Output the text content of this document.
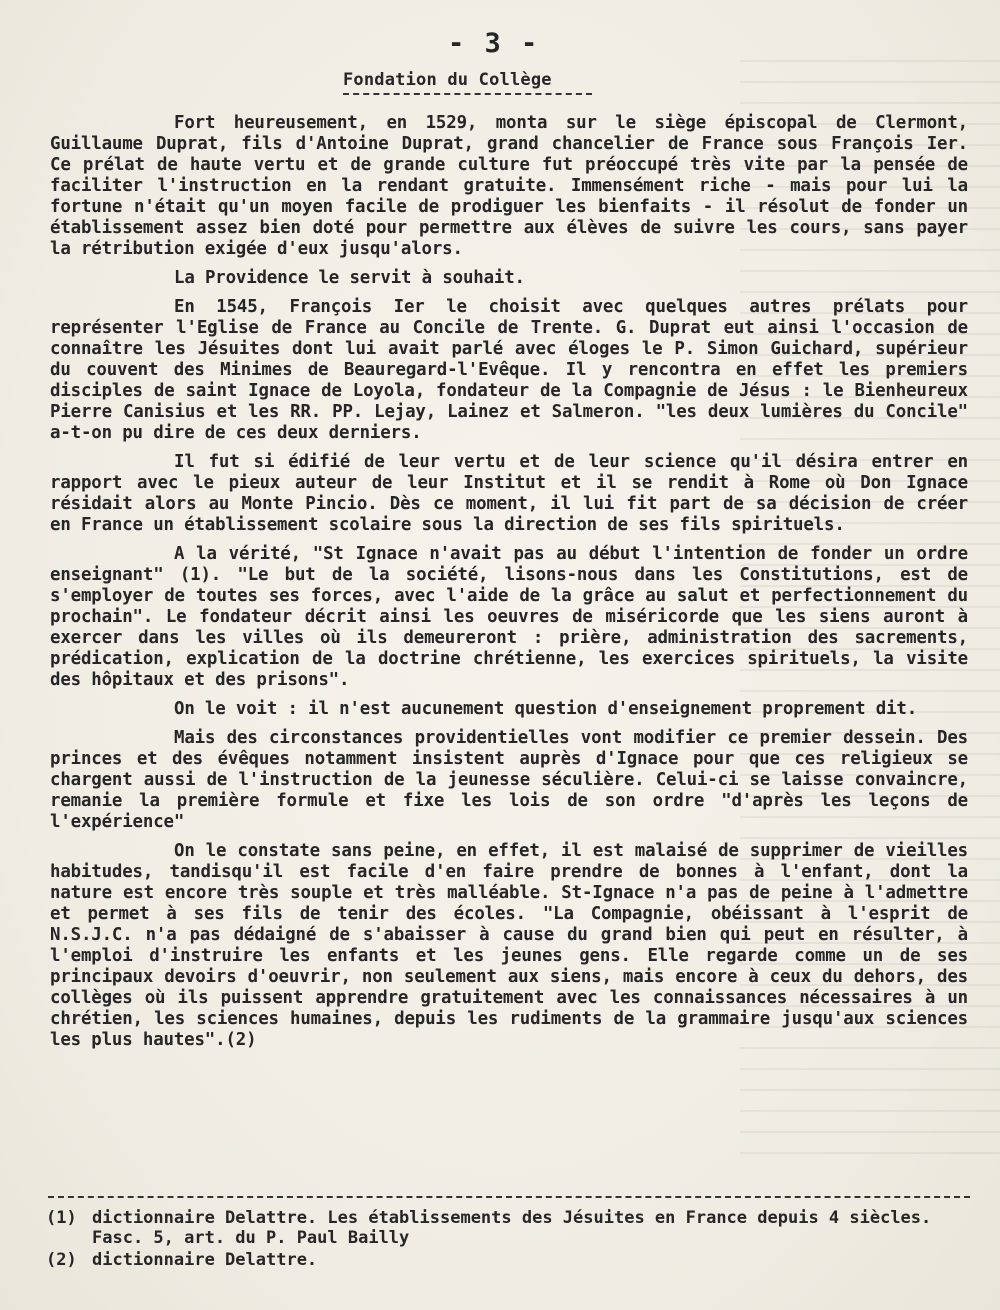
- 3 -
Fondation du Collège

Fort heureusement, en 1529, monta sur le siège épiscopal de Clermont, Guillaume Duprat, fils d'Antoine Duprat, grand chancelier de France sous François Ier. Ce prélat de haute vertu et de grande culture fut préoccupé très vite par la pensée de faciliter l'instruction en la rendant gratuite. Immensément riche - mais pour lui la fortune n'était qu'un moyen facile de prodiguer les bienfaits - il résolut de fonder un établissement assez bien doté pour permettre aux élèves de suivre les cours, sans payer la rétribution exigée d'eux jusqu'alors.

La Providence le servit à souhait.

En 1545, François Ier le choisit avec quelques autres prélats pour représenter l'Eglise de France au Concile de Trente. G. Duprat eut ainsi l'occasion de connaître les Jésuites dont lui avait parlé avec éloges le P. Simon Guichard, supérieur du couvent des Minimes de Beauregard-l'Evêque. Il y rencontra en effet les premiers disciples de saint Ignace de Loyola, fondateur de la Compagnie de Jésus : le Bienheureux Pierre Canisius et les RR. PP. Lejay, Lainez et Salmeron. "les deux lumières du Concile" a-t-on pu dire de ces deux derniers.

Il fut si édifié de leur vertu et de leur science qu'il désira entrer en rapport avec le pieux auteur de leur Institut et il se rendit à Rome où Don Ignace résidait alors au Monte Pincio. Dès ce moment, il lui fit part de sa décision de créer en France un établissement scolaire sous la direction de ses fils spirituels.

A la vérité, "St Ignace n'avait pas au début l'intention de fonder un ordre enseignant" (1). "Le but de la société, lisons-nous dans les Constitutions, est de s'employer de toutes ses forces, avec l'aide de la grâce au salut et perfectionnement du prochain". Le fondateur décrit ainsi les oeuvres de miséricorde que les siens auront à exercer dans les villes où ils demeureront : prière, administration des sacrements, prédication, explication de la doctrine chrétienne, les exercices spirituels, la visite des hôpitaux et des prisons".

On le voit : il n'est aucunement question d'enseignement proprement dit.

Mais des circonstances providentielles vont modifier ce premier dessein. Des princes et des évêques notamment insistent auprès d'Ignace pour que ces religieux se chargent aussi de l'instruction de la jeunesse séculière. Celui-ci se laisse convaincre, remanie la première formule et fixe les lois de son ordre "d'après les leçons de l'expérience"

On le constate sans peine, en effet, il est malaisé de supprimer de vieilles habitudes, tandisqu'il est facile d'en faire prendre de bonnes à l'enfant, dont la nature est encore très souple et très malléable. St-Ignace n'a pas de peine à l'admettre et permet à ses fils de tenir des écoles. "La Compagnie, obéissant à l'esprit de N.S.J.C. n'a pas dédaigné de s'abaisser à cause du grand bien qui peut en résulter, à l'emploi d'instruire les enfants et les jeunes gens. Elle regarde comme un de ses principaux devoirs d'oeuvrir, non seulement aux siens, mais encore à ceux du dehors, des collèges où ils puissent apprendre gratuitement avec les connaissances nécessaires à un chrétien, les sciences humaines, depuis les rudiments de la grammaire jusqu'aux sciences les plus hautes".(2)

(1) dictionnaire Delattre. Les établissements des Jésuites en France depuis 4 siècles. Fasc. 5, art. du P. Paul Bailly
(2) dictionnaire Delattre.
